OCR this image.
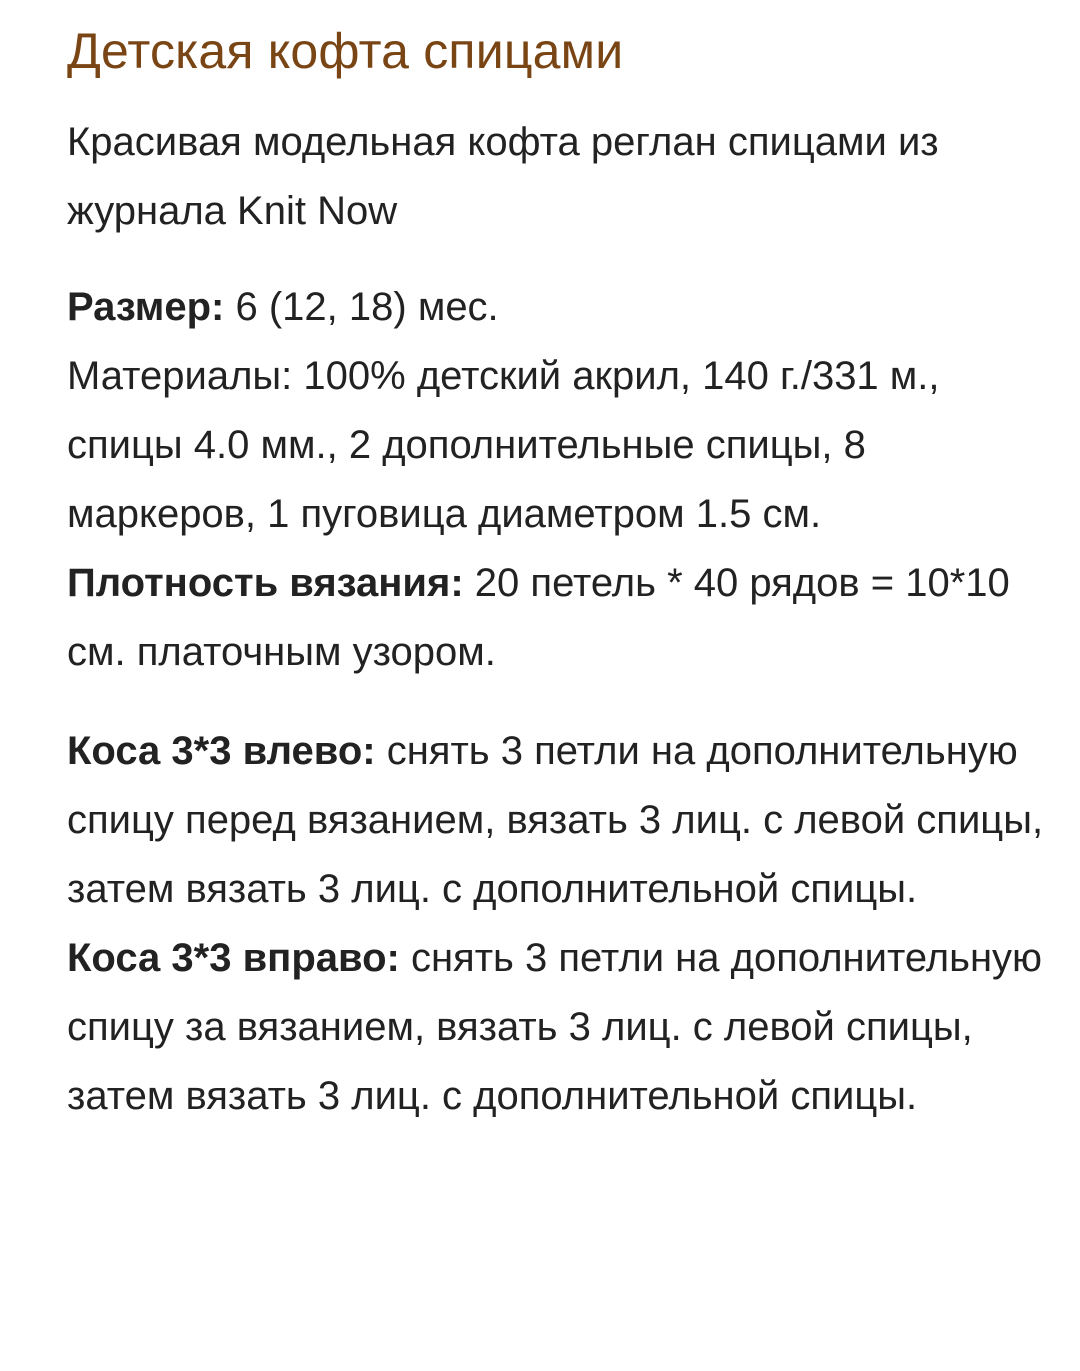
Детская кофта спицами

Красивая модельная кофта реглан спицами из журнала Knit Now

Размер: 6 (12, 18) мес.

Материалы: 100% детский акрил, 140 г./331 м., спицы 4.0 мм., 2 дополнительные спицы, 8 маркеров, 1 пуговица диаметром 1.5 см.

Плотность вязания: 20 петель * 40 рядов = 10*10 см. платочным узором.

Коса 3*3 влево: снять 3 петли на дополнительную спицу перед вязанием, вязать 3 лиц. с левой спицы, затем вязать 3 лиц. с дополнительной спицы.

Коса 3*3 вправо: снять 3 петли на дополнительную спицу за вязанием, вязать 3 лиц. с левой спицы, затем вязать 3 лиц. с дополнительной спицы.
